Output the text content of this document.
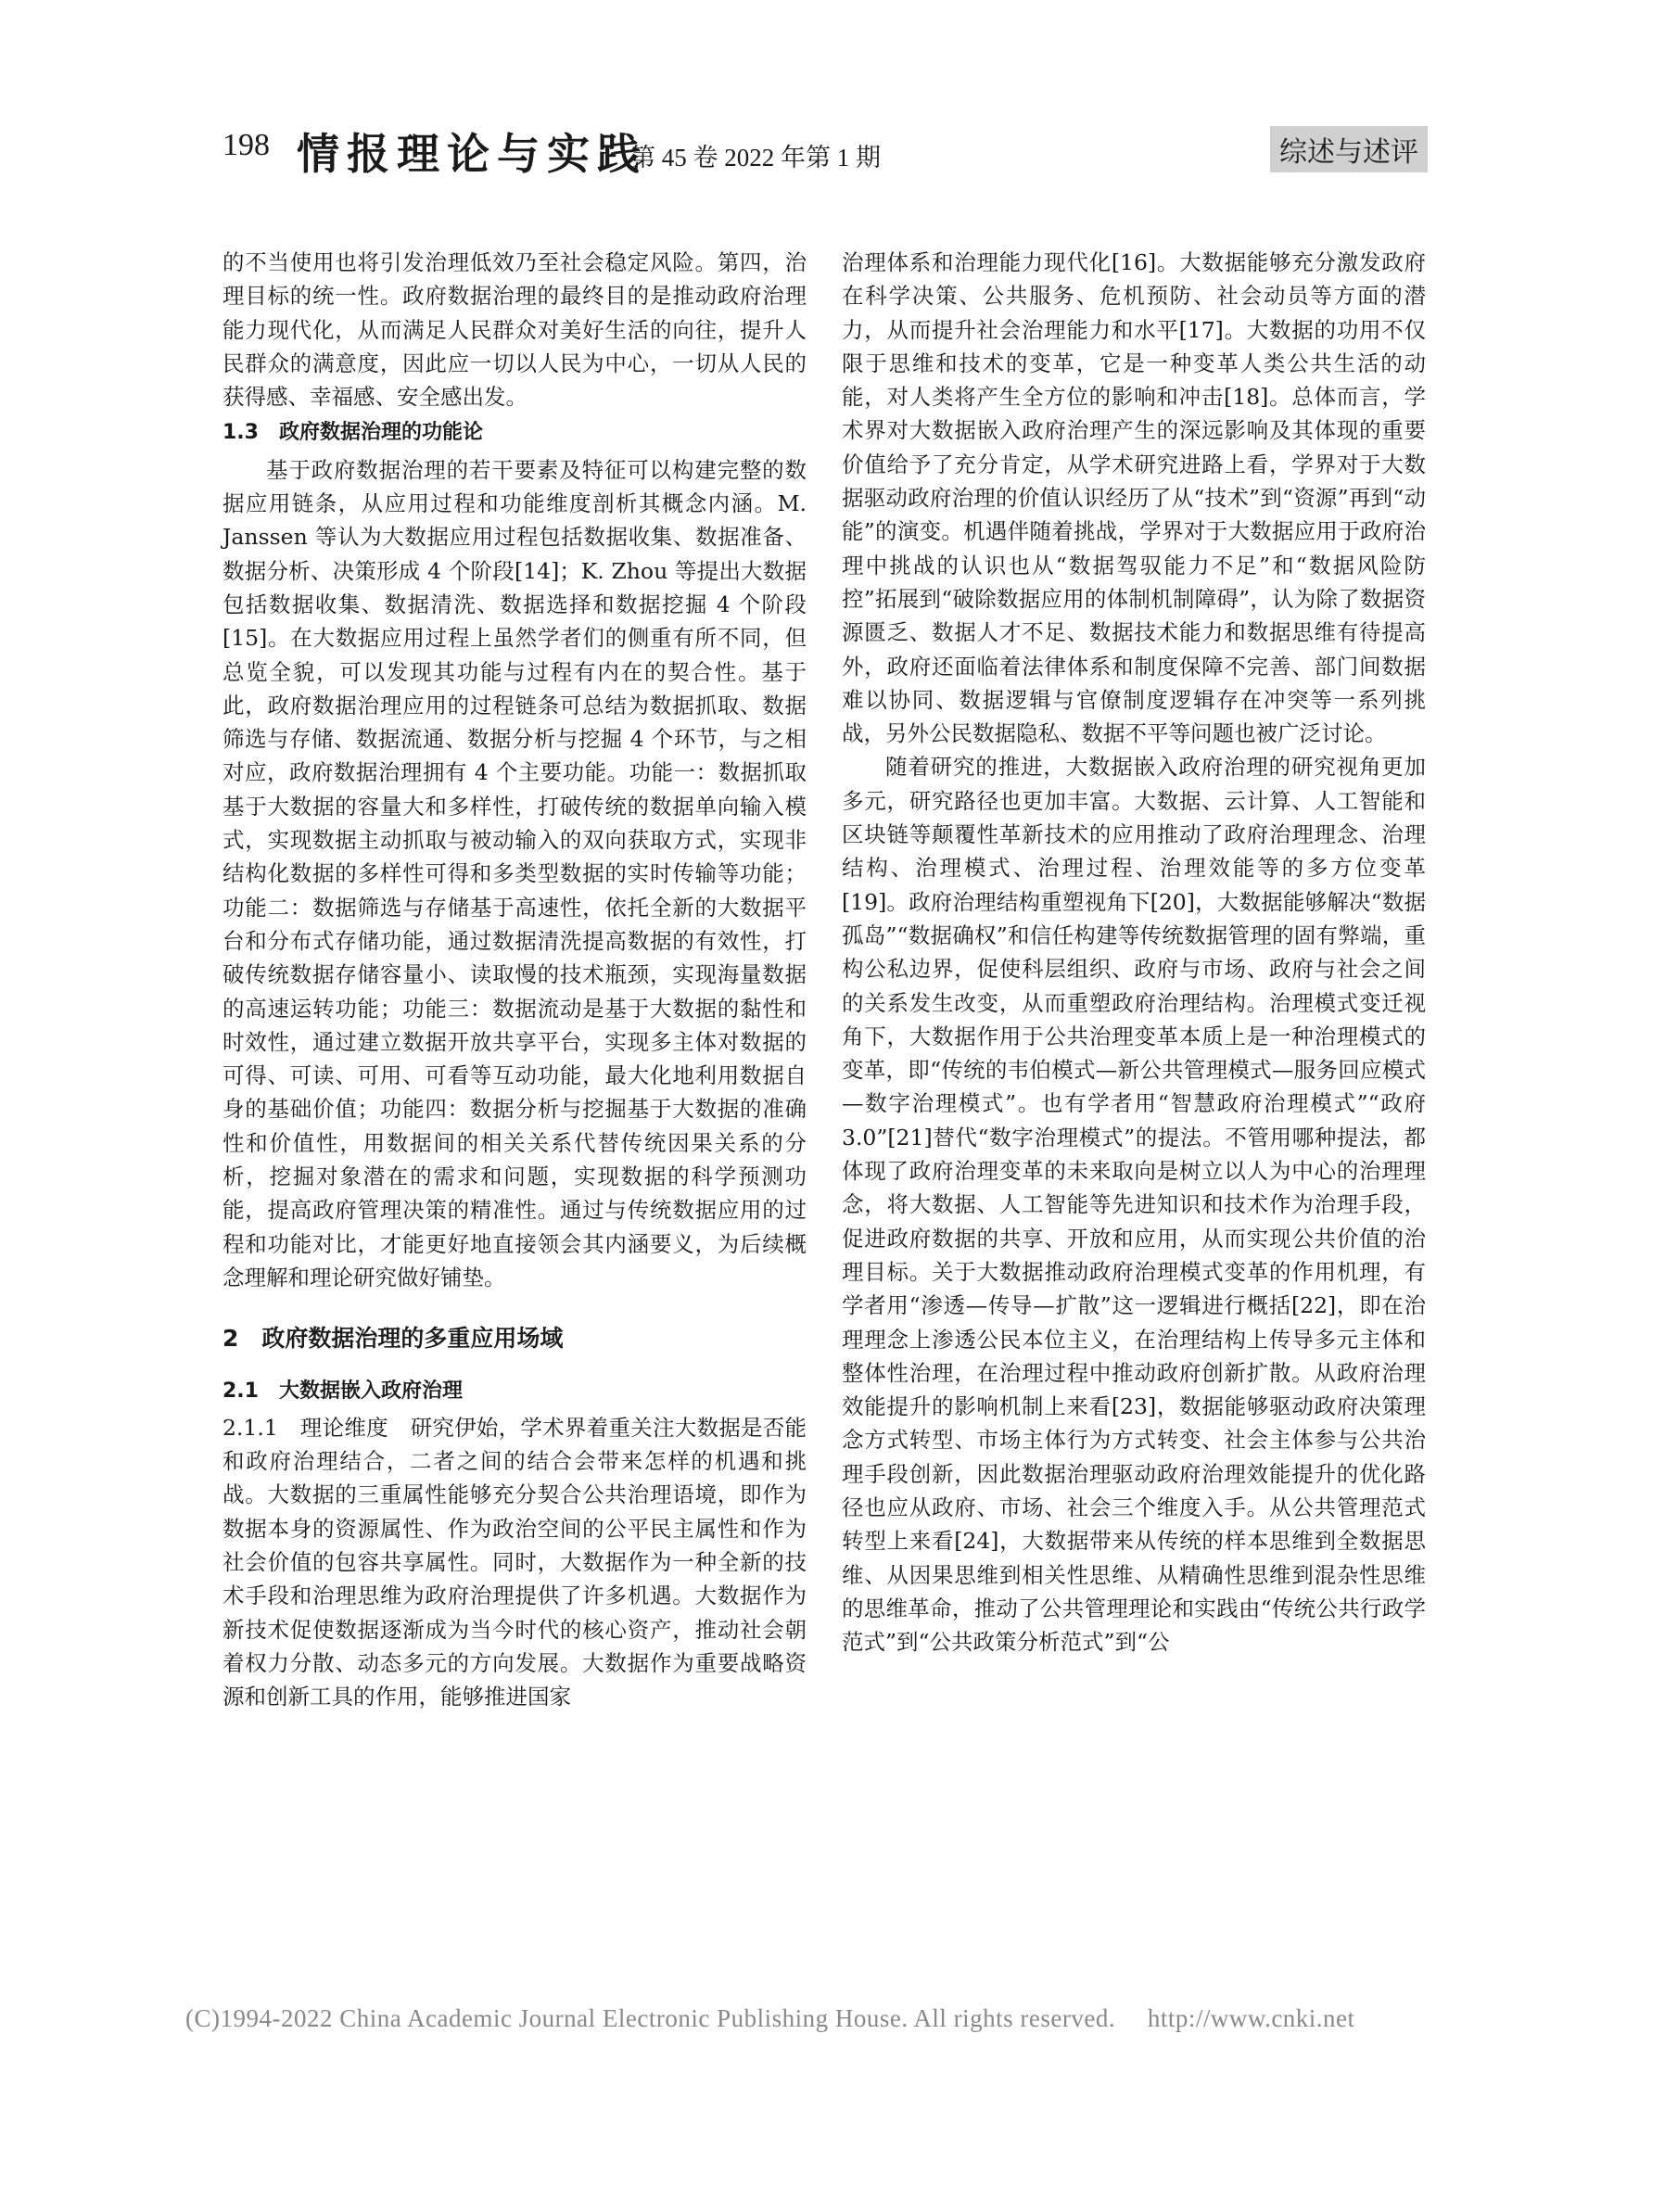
198 情报理论与实践
第 45 卷 2022 年第 1 期	综述与述评

的不当使用也将引发治理低效乃至社会稳定风险。第四，治理目标的统一性。政府数据治理的最终目的是推动政府治理能力现代化，从而满足人民群众对美好生活的向往，提升人民群众的满意度，因此应一切以人民为中心，一切从人民的获得感、幸福感、安全感出发。

1.3　政府数据治理的功能论

基于政府数据治理的若干要素及特征可以构建完整的数据应用链条，从应用过程和功能维度剖析其概念内涵。M. Janssen 等认为大数据应用过程包括数据收集、数据准备、数据分析、决策形成 4 个阶段[14]；K. Zhou 等提出大数据包括数据收集、数据清洗、数据选择和数据挖掘 4 个阶段[15]。在大数据应用过程上虽然学者们的侧重有所不同，但总览全貌，可以发现其功能与过程有内在的契合性。基于此，政府数据治理应用的过程链条可总结为数据抓取、数据筛选与存储、数据流通、数据分析与挖掘 4 个环节，与之相对应，政府数据治理拥有 4 个主要功能。功能一：数据抓取基于大数据的容量大和多样性，打破传统的数据单向输入模式，实现数据主动抓取与被动输入的双向获取方式，实现非结构化数据的多样性可得和多类型数据的实时传输等功能；功能二：数据筛选与存储基于高速性，依托全新的大数据平台和分布式存储功能，通过数据清洗提高数据的有效性，打破传统数据存储容量小、读取慢的技术瓶颈，实现海量数据的高速运转功能；功能三：数据流动是基于大数据的黏性和时效性，通过建立数据开放共享平台，实现多主体对数据的可得、可读、可用、可看等互动功能，最大化地利用数据自身的基础价值；功能四：数据分析与挖掘基于大数据的准确性和价值性，用数据间的相关关系代替传统因果关系的分析，挖掘对象潜在的需求和问题，实现数据的科学预测功能，提高政府管理决策的精准性。通过与传统数据应用的过程和功能对比，才能更好地直接领会其内涵要义，为后续概念理解和理论研究做好铺垫。

2　政府数据治理的多重应用场域
2.1　大数据嵌入政府治理

2.1.1　理论维度　研究伊始，学术界着重关注大数据是否能和政府治理结合，二者之间的结合会带来怎样的机遇和挑战。大数据的三重属性能够充分契合公共治理语境，即作为数据本身的资源属性、作为政治空间的公平民主属性和作为社会价值的包容共享属性。同时，大数据作为一种全新的技术手段和治理思维为政府治理提供了许多机遇。大数据作为新技术促使数据逐渐成为当今时代的核心资产，推动社会朝着权力分散、动态多元的方向发展。大数据作为重要战略资源和创新工具的作用，能够推进国家

治理体系和治理能力现代化[16]。大数据能够充分激发政府在科学决策、公共服务、危机预防、社会动员等方面的潜力，从而提升社会治理能力和水平[17]。大数据的功用不仅限于思维和技术的变革，它是一种变革人类公共生活的动能，对人类将产生全方位的影响和冲击[18]。总体而言，学术界对大数据嵌入政府治理产生的深远影响及其体现的重要价值给予了充分肯定，从学术研究进路上看，学界对于大数据驱动政府治理的价值认识经历了从“技术”到“资源”再到“动能”的演变。机遇伴随着挑战，学界对于大数据应用于政府治理中挑战的认识也从“数据驾驭能力不足”和“数据风险防控”拓展到“破除数据应用的体制机制障碍”，认为除了数据资源匮乏、数据人才不足、数据技术能力和数据思维有待提高外，政府还面临着法律体系和制度保障不完善、部门间数据难以协同、数据逻辑与官僚制度逻辑存在冲突等一系列挑战，另外公民数据隐私、数据不平等问题也被广泛讨论。

随着研究的推进，大数据嵌入政府治理的研究视角更加多元，研究路径也更加丰富。大数据、云计算、人工智能和区块链等颠覆性革新技术的应用推动了政府治理理念、治理结构、治理模式、治理过程、治理效能等的多方位变革[19]。政府治理结构重塑视角下[20]，大数据能够解决“数据孤岛”“数据确权”和信任构建等传统数据管理的固有弊端，重构公私边界，促使科层组织、政府与市场、政府与社会之间的关系发生改变，从而重塑政府治理结构。治理模式变迁视角下，大数据作用于公共治理变革本质上是一种治理模式的变革，即“传统的韦伯模式—新公共管理模式—服务回应模式—数字治理模式”。也有学者用“智慧政府治理模式”“政府 3.0”[21]替代“数字治理模式”的提法。不管用哪种提法，都体现了政府治理变革的未来取向是树立以人为中心的治理理念，将大数据、人工智能等先进知识和技术作为治理手段，促进政府数据的共享、开放和应用，从而实现公共价值的治理目标。关于大数据推动政府治理模式变革的作用机理，有学者用“渗透—传导—扩散”这一逻辑进行概括[22]，即在治理理念上渗透公民本位主义，在治理结构上传导多元主体和整体性治理，在治理过程中推动政府创新扩散。从政府治理效能提升的影响机制上来看[23]，数据能够驱动政府决策理念方式转型、市场主体行为方式转变、社会主体参与公共治理手段创新，因此数据治理驱动政府治理效能提升的优化路径也应从政府、市场、社会三个维度入手。从公共管理范式转型上来看[24]，大数据带来从传统的样本思维到全数据思维、从因果思维到相关性思维、从精确性思维到混杂性思维的思维革命，推动了公共管理理论和实践由“传统公共行政学范式”到“公共政策分析范式”到“公

(C)1994-2022 China Academic Journal Electronic Publishing House. All rights reserved.　 http://www.cnki.net
